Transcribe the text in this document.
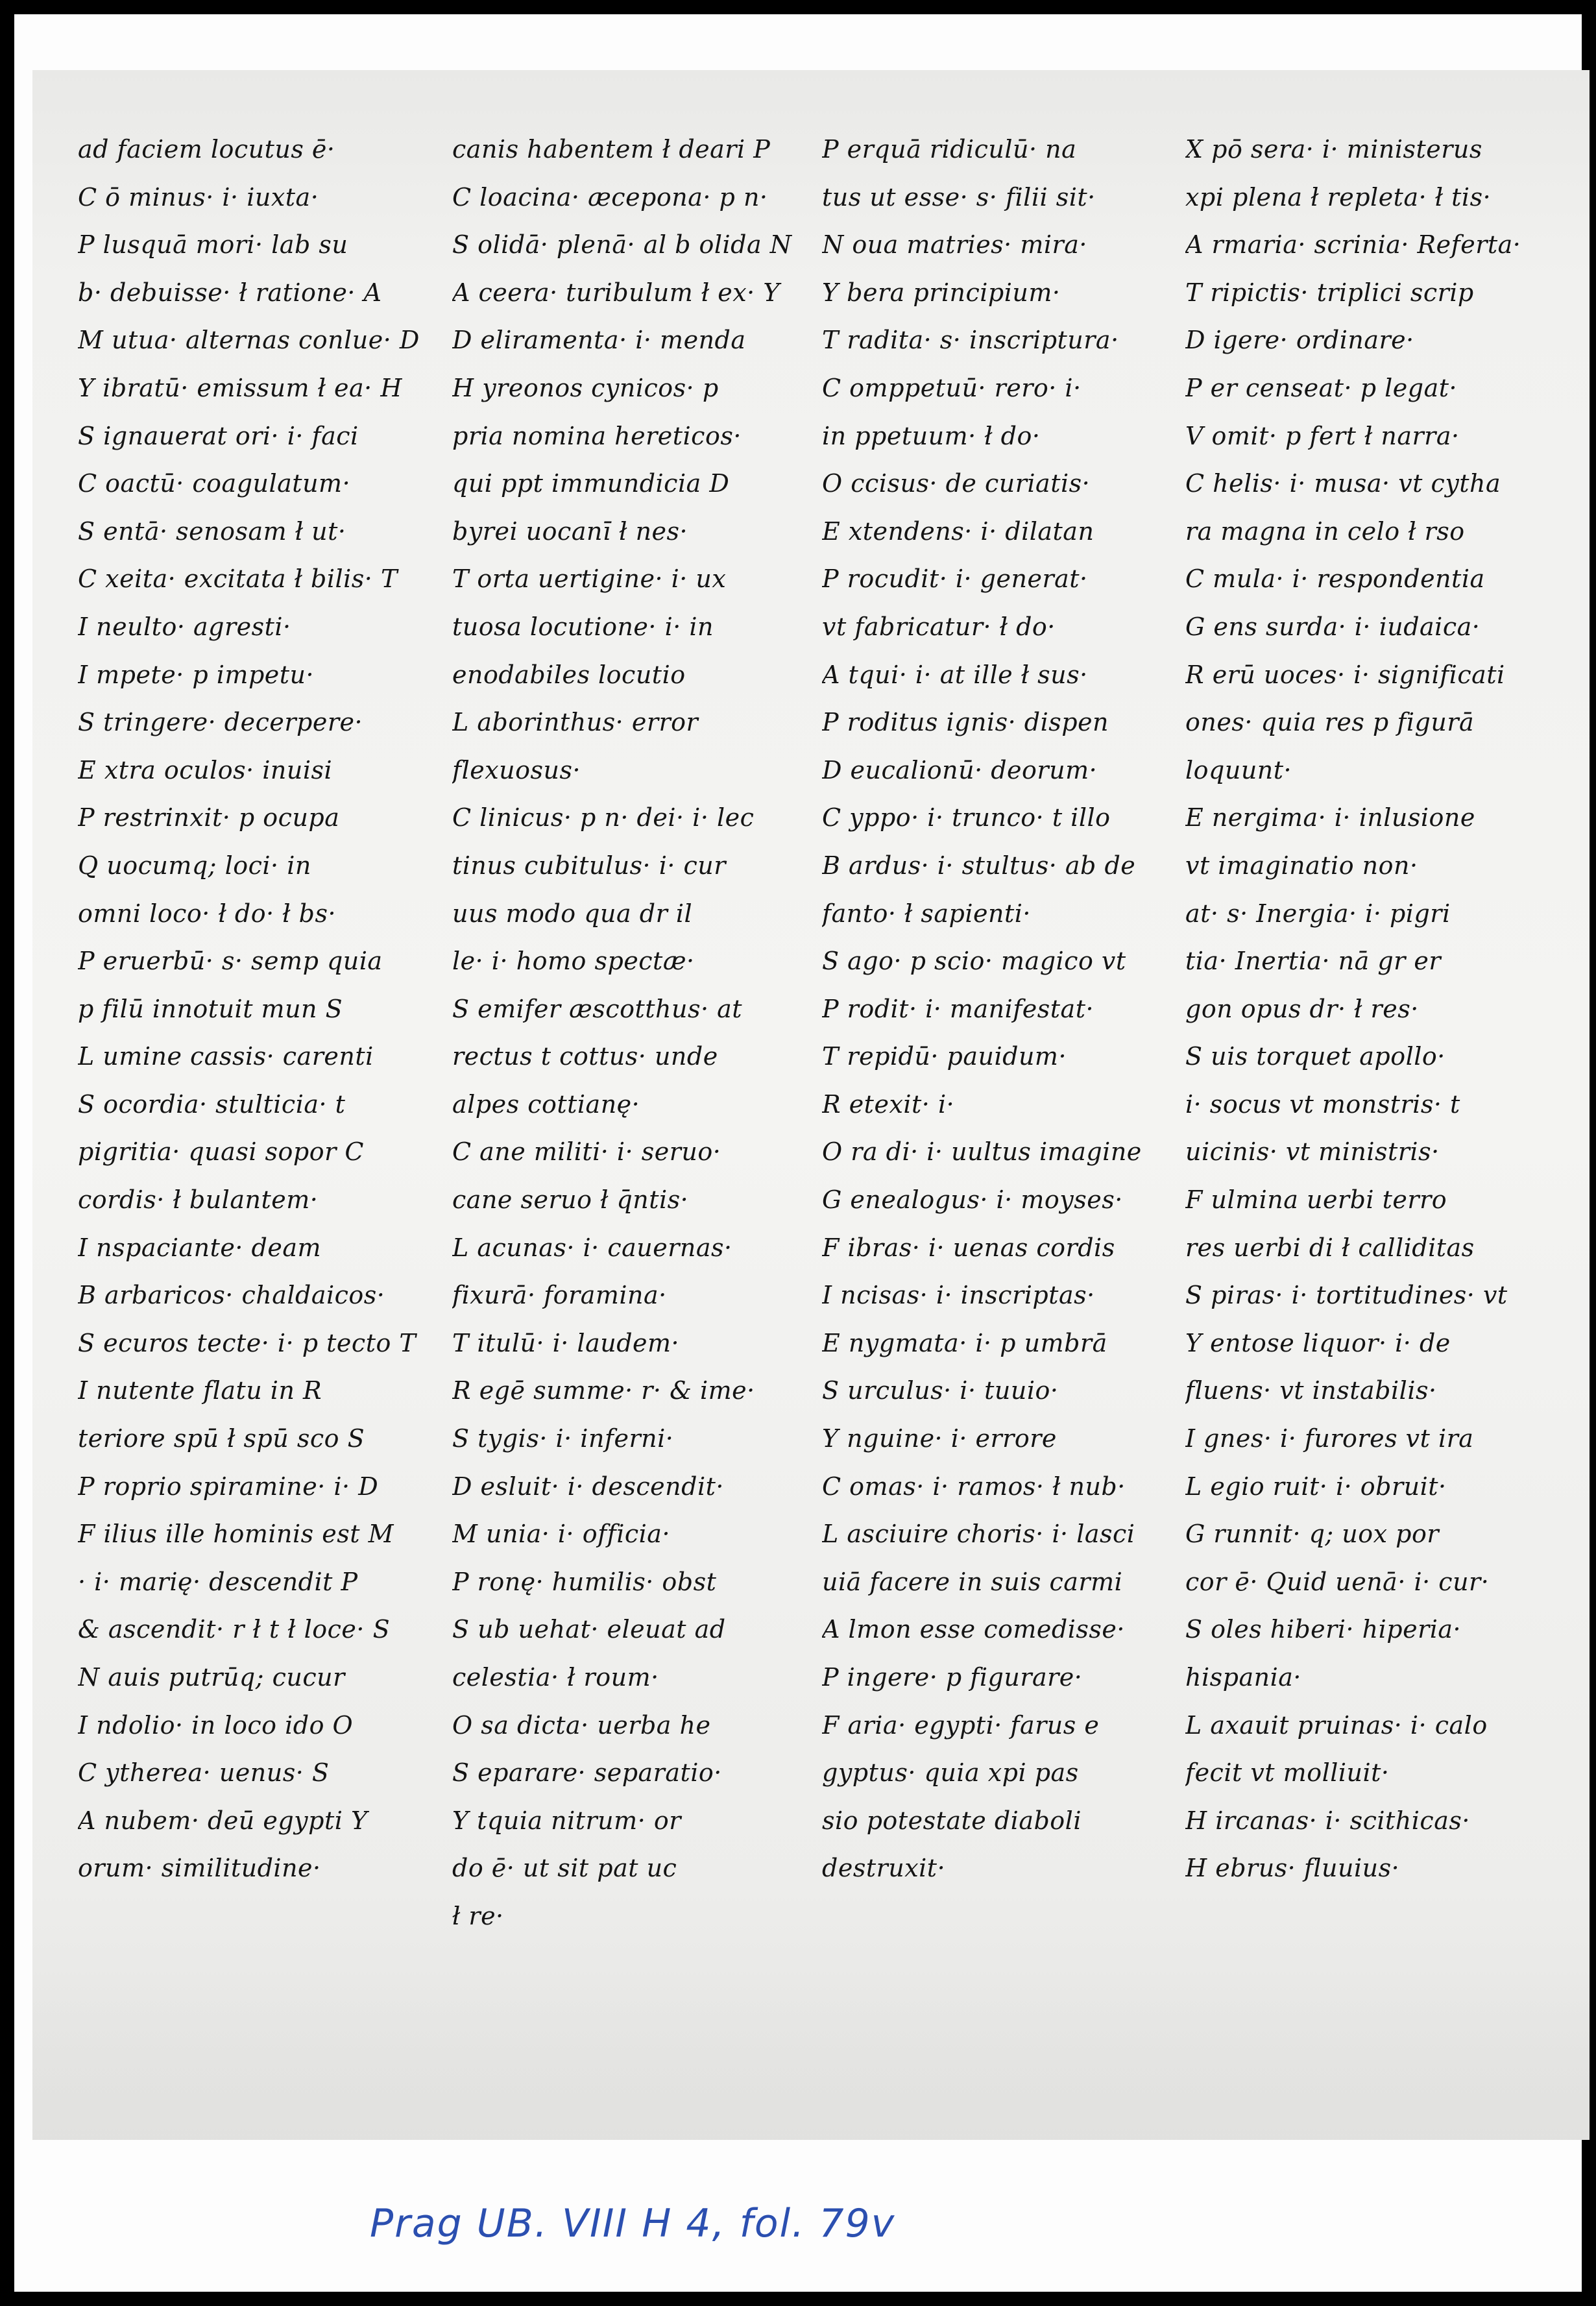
ad faciem locutus ē·
C ō minus· i· iuxta·
P lusquā mori· lab su
b· debuisse· ł ratione· A
M utua· alternas conlue· D
Y ibratū· emissum ł ea· H
S ignauerat ori· i· faci
C oactū· coagulatum·
S entā· senosam ł ut·
C xeita· excitata ł bilis· T
I neulto· agresti·
I mpete· p impetu·
S tringere· decerpere·
E xtra oculos· inuisi
P restrinxit· p ocupa
Q uocumq; loci· in
omni loco· ł do· ł bs·
P eruerbū· s· semp quia
p filū innotuit mun S
L umine cassis· carenti
S ocordia· stulticia· t
pigritia· quasi sopor C
cordis· ł bulantem·
I nspaciante· deam
B arbaricos· chaldaicos·
S ecuros tecte· i· p tecto T
I nutente flatu in R
teriore spū ł spū sco S
P roprio spiramine· i· D
F ilius ille hominis est M
· i· marię· descendit P
& ascendit· r ł t ł loce· S
N auis putrūq; cucur
I ndolio· in loco ido O
C ytherea· uenus· S
A nubem· deū egypti Y
orum· similitudine·
canis habentem ł deari P
C loacina· æcepona· p n·
S olidā· plenā· al b olida N
A ceera· turibulum ł ex· Y
D eliramenta· i· menda
H yreonos cynicos· p
pria nomina hereticos·
qui ppt immundicia D
byrei uocanī ł nes·
T orta uertigine· i· ux
tuosa locutione· i· in
enodabiles locutio
L aborinthus· error
flexuosus·
C linicus· p n· dei· i· lec
tinus cubitulus· i· cur
uus modo qua dr il
le· i· homo spectæ·
S emifer æscotthus· at
rectus t cottus· unde
alpes cottianę·
C ane militi· i· seruo·
cane seruo ł q̄ntis·
L acunas· i· cauernas·
fixurā· foramina·
T itulū· i· laudem·
R egē summe· r· & ime·
S tygis· i· inferni·
D esluit· i· descendit·
M unia· i· officia·
P ronę· humilis· obst
S ub uehat· eleuat ad
celestia· ł roum·
O sa dicta· uerba he
S eparare· separatio·
Y tquia nitrum· or
do ē· ut sit pat uc
ł re·
P erquā ridiculū· na
tus ut esse· s· filii sit·
N oua matries· mira·
Y bera principium·
T radita· s· inscriptura·
C omppetuū· rero· i·
in ppetuum· ł do·
O ccisus· de curiatis·
E xtendens· i· dilatan
P rocudit· i· generat·
vt fabricatur· ł do·
A tqui· i· at ille ł sus·
P roditus ignis· dispen
D eucalionū· deorum·
C yppo· i· trunco· t illo
B ardus· i· stultus· ab de
fanto· ł sapienti·
S ago· p scio· magico vt
P rodit· i· manifestat·
T repidū· pauidum·
R etexit· i·
O ra di· i· uultus imagine
G enealogus· i· moyses·
F ibras· i· uenas cordis
I ncisas· i· inscriptas·
E nygmata· i· p umbrā
S urculus· i· tuuio·
Y nguine· i· errore
C omas· i· ramos· ł nub·
L asciuire choris· i· lasci
uiā facere in suis carmi
A lmon esse comedisse·
P ingere· p figurare·
F aria· egypti· farus e
gyptus· quia xpi pas
sio potestate diaboli
destruxit·
X pō sera· i· ministerus
xpi plena ł repleta· ł tis·
A rmaria· scrinia· Referta·
T ripictis· triplici scrip
D igere· ordinare·
P er censeat· p legat·
V omit· p fert ł narra·
C helis· i· musa· vt cytha
ra magna in celo ł rso
C mula· i· respondentia
G ens surda· i· iudaica·
R erū uoces· i· significati
ones· quia res p figurā
loquunt·
E nergima· i· inlusione
vt imaginatio non·
at· s· Inergia· i· pigri
tia· Inertia· nā gr er
gon opus dr· ł res·
S uis torquet apollo·
i· socus vt monstris· t
uicinis· vt ministris·
F ulmina uerbi terro
res uerbi di ł calliditas
S piras· i· tortitudines· vt
Y entose liquor· i· de
fluens· vt instabilis·
I gnes· i· furores vt ira
L egio ruit· i· obruit·
G runnit· q; uox por
cor ē· Quid uenā· i· cur·
S oles hiberi· hiperia·
hispania·
L axauit pruinas· i· calo
fecit vt molliuit·
H ircanas· i· scithicas·
H ebrus· fluuius·
Prag UB. VIII H 4, fol. 79v
